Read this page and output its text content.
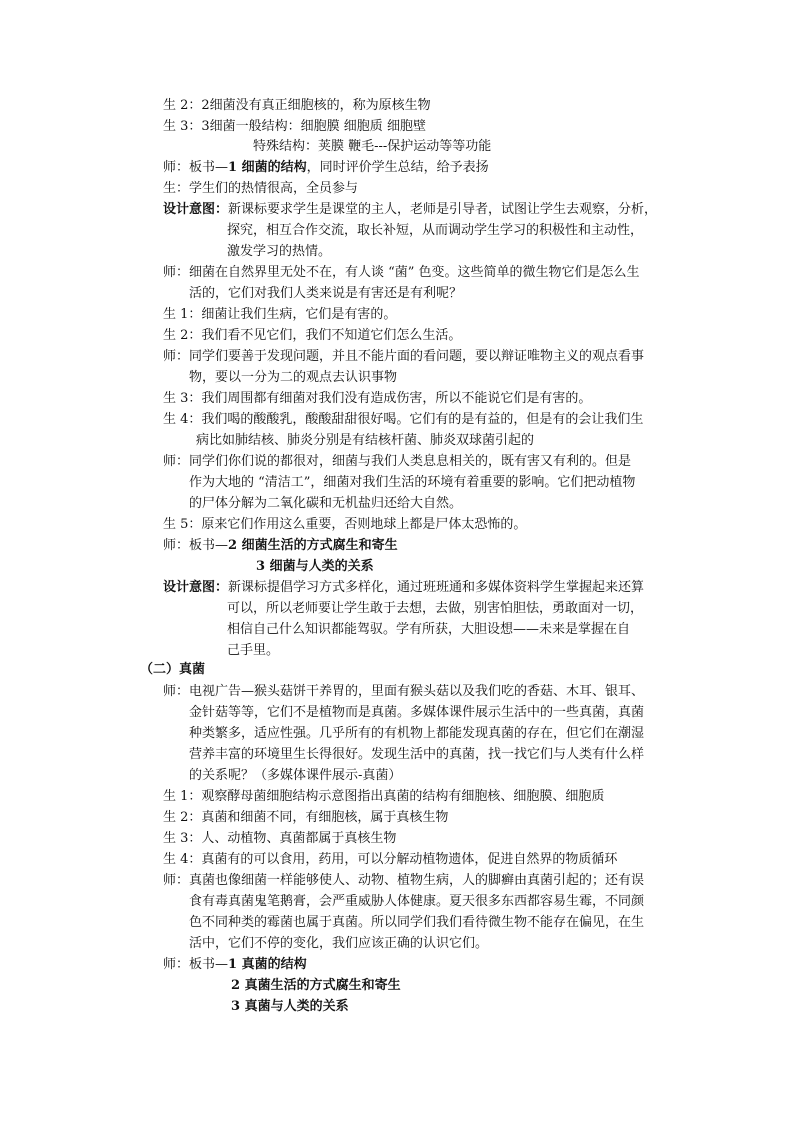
生 2：2细菌没有真正细胞核的，称为原核生物
生 3：3细菌一般结构：细胞膜 细胞质 细胞壁
特殊结构：荚膜 鞭毛---保护运动等等功能
师：板书—1 细菌的结构，同时评价学生总结，给予表扬
生：学生们的热情很高，全员参与
设计意图：新课标要求学生是课堂的主人，老师是引导者，试图让学生去观察，分析，
探究，相互合作交流，取长补短，从而调动学生学习的积极性和主动性，
激发学习的热情。
师：细菌在自然界里无处不在，有人谈 “菌” 色变。这些简单的微生物它们是怎么生
活的，它们对我们人类来说是有害还是有利呢？
生 1：细菌让我们生病，它们是有害的。
生 2：我们看不见它们，我们不知道它们怎么生活。
师：同学们要善于发现问题，并且不能片面的看问题，要以辩证唯物主义的观点看事
物，要以一分为二的观点去认识事物
生 3：我们周围都有细菌对我们没有造成伤害，所以不能说它们是有害的。
生 4：我们喝的酸酸乳，酸酸甜甜很好喝。它们有的是有益的，但是有的会让我们生
病比如肺结核、肺炎分别是有结核杆菌、肺炎双球菌引起的
师：同学们你们说的都很对，细菌与我们人类息息相关的，既有害又有利的。但是
作为大地的 “清洁工”，细菌对我们生活的环境有着重要的影响。它们把动植物
的尸体分解为二氧化碳和无机盐归还给大自然。
生 5：原来它们作用这么重要，否则地球上都是尸体太恐怖的。
师：板书—2 细菌生活的方式腐生和寄生
3 细菌与人类的关系
设计意图：新课标提倡学习方式多样化，通过班班通和多媒体资料学生掌握起来还算
可以，所以老师要让学生敢于去想，去做，别害怕胆怯，勇敢面对一切，
相信自己什么知识都能驾驭。学有所获，大胆设想——未来是掌握在自
己手里。
（二）真菌
师：电视广告—猴头菇饼干养胃的，里面有猴头菇以及我们吃的香菇、木耳、银耳、
金针菇等等，它们不是植物而是真菌。多媒体课件展示生活中的一些真菌，真菌
种类繁多，适应性强。几乎所有的有机物上都能发现真菌的存在，但它们在潮湿
营养丰富的环境里生长得很好。发现生活中的真菌，找一找它们与人类有什么样
的关系呢？（多媒体课件展示-真菌）
生 1：观察酵母菌细胞结构示意图指出真菌的结构有细胞核、细胞膜、细胞质
生 2：真菌和细菌不同，有细胞核，属于真核生物
生 3：人、动植物、真菌都属于真核生物
生 4：真菌有的可以食用，药用，可以分解动植物遗体，促进自然界的物质循环
师：真菌也像细菌一样能够使人、动物、植物生病，人的脚癣由真菌引起的；还有误
食有毒真菌鬼笔鹅膏，会严重威胁人体健康。夏天很多东西都容易生霉，不同颜
色不同种类的霉菌也属于真菌。所以同学们我们看待微生物不能存在偏见，在生
活中，它们不停的变化，我们应该正确的认识它们。
师：板书—1 真菌的结构
2 真菌生活的方式腐生和寄生
3 真菌与人类的关系
